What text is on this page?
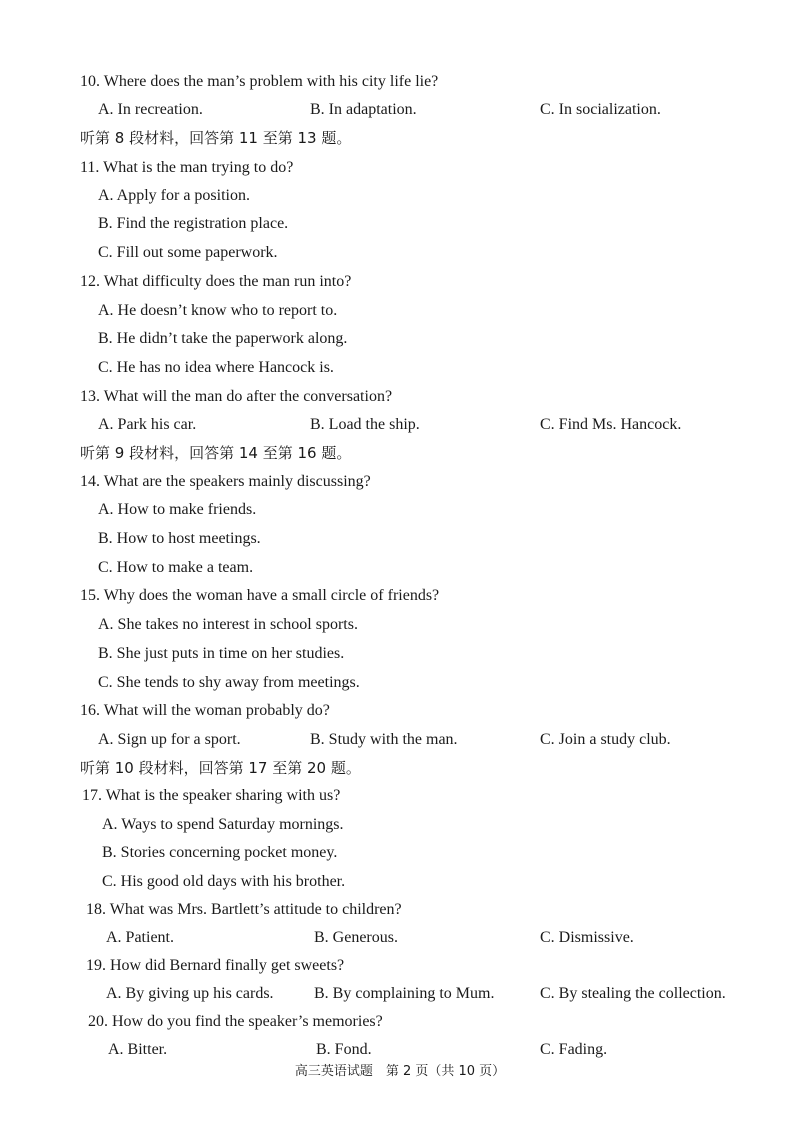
10. Where does the man’s problem with his city life lie?
A. In recreation.	B. In adaptation.	C. In socialization.
听第 8 段材料，回答第 11 至第 13 题。
11. What is the man trying to do?
A. Apply for a position.
B. Find the registration place.
C. Fill out some paperwork.
12. What difficulty does the man run into?
A. He doesn’t know who to report to.
B. He didn’t take the paperwork along.
C. He has no idea where Hancock is.
13. What will the man do after the conversation?
A. Park his car.	B. Load the ship.	C. Find Ms. Hancock.
听第 9 段材料，回答第 14 至第 16 题。
14. What are the speakers mainly discussing?
A. How to make friends.
B. How to host meetings.
C. How to make a team.
15. Why does the woman have a small circle of friends?
A. She takes no interest in school sports.
B. She just puts in time on her studies.
C. She tends to shy away from meetings.
16. What will the woman probably do?
A. Sign up for a sport.	B. Study with the man.	C. Join a study club.
听第 10 段材料，回答第 17 至第 20 题。
17. What is the speaker sharing with us?
A. Ways to spend Saturday mornings.
B. Stories concerning pocket money.
C. His good old days with his brother.
18. What was Mrs. Bartlett’s attitude to children?
A. Patient.	B. Generous.	C. Dismissive.
19. How did Bernard finally get sweets?
A. By giving up his cards.	B. By complaining to Mum.	C. By stealing the collection.
20. How do you find the speaker’s memories?
A. Bitter.	B. Fond.	C. Fading.
高三英语试题　第 2 页（共 10 页）
